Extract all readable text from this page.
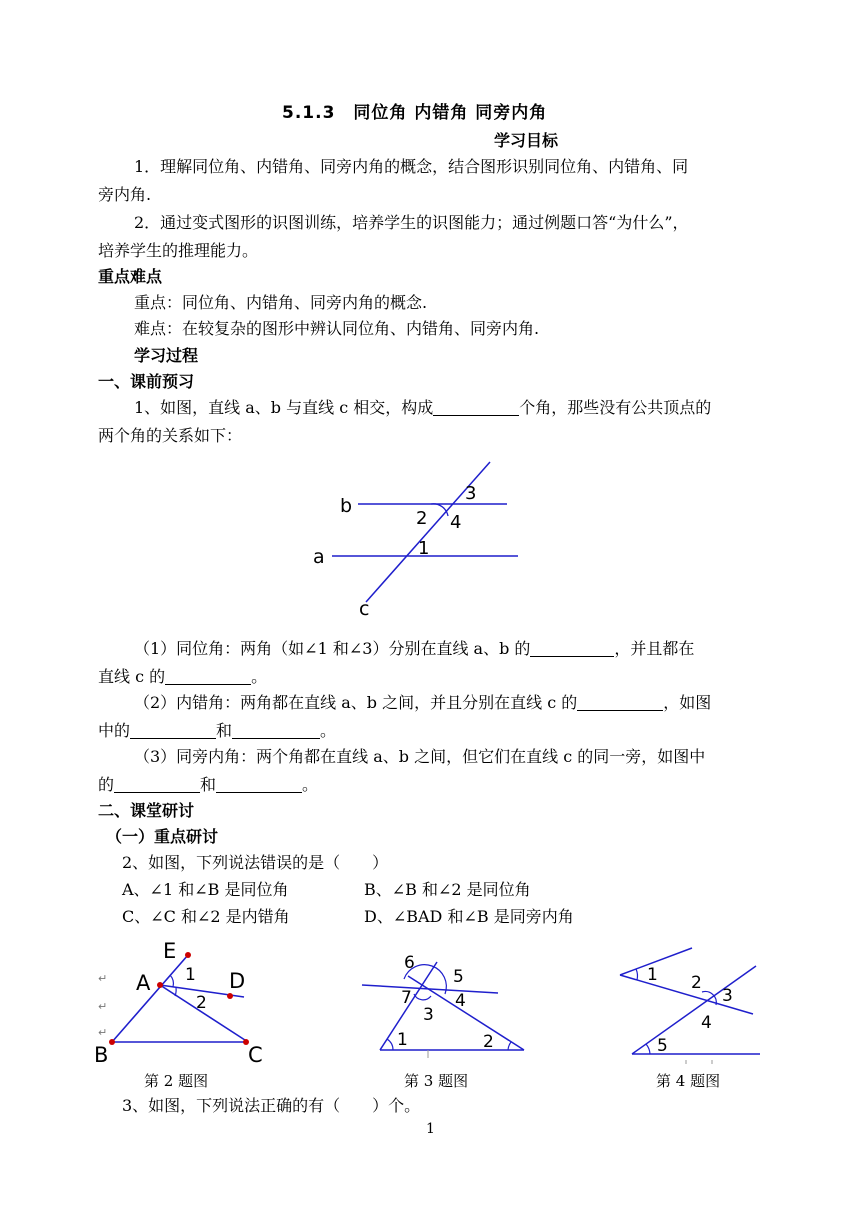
5.1.3　同位角 内错角 同旁内角
学习目标
1．理解同位角、内错角、同旁内角的概念，结合图形识别同位角、内错角、同
旁内角.
2．通过变式图形的识图训练，培养学生的识图能力；通过例题口答“为什么”，
培养学生的推理能力。
重点难点
重点：同位角、内错角、同旁内角的概念.
难点：在较复杂的图形中辨认同位角、内错角、同旁内角.
学习过程
一、课前预习
1、如图，直线 a、b 与直线 c 相交，构成	个角，那些没有公共顶点的
两个角的关系如下：
b
a
c
2
3
4
1
（1）同位角：两角（如∠1 和∠3）分别在直线 a、b 的	，并且都在
直线 c 的	。
（2）内错角：两角都在直线 a、b 之间，并且分别在直线 c 的	，如图
中的	和	。
（3）同旁内角：两个角都在直线 a、b 之间，但它们在直线 c 的同一旁，如图中
的	和	。
二、课堂研讨
（一）重点研讨
2、如图，下列说法错误的是（　　）
A、∠1 和∠B 是同位角	B、∠B 和∠2 是同位角
C、∠C 和∠2 是内错角	D、∠BAD 和∠B 是同旁内角
↵
↵
↵
E
A	D
B	C
1
2
第 2 题图
6
5
7	4
3
1	2
第 3 题图
1 2
3
4
5
第 4 题图
3、如图，下列说法正确的有（　　）个。
1
